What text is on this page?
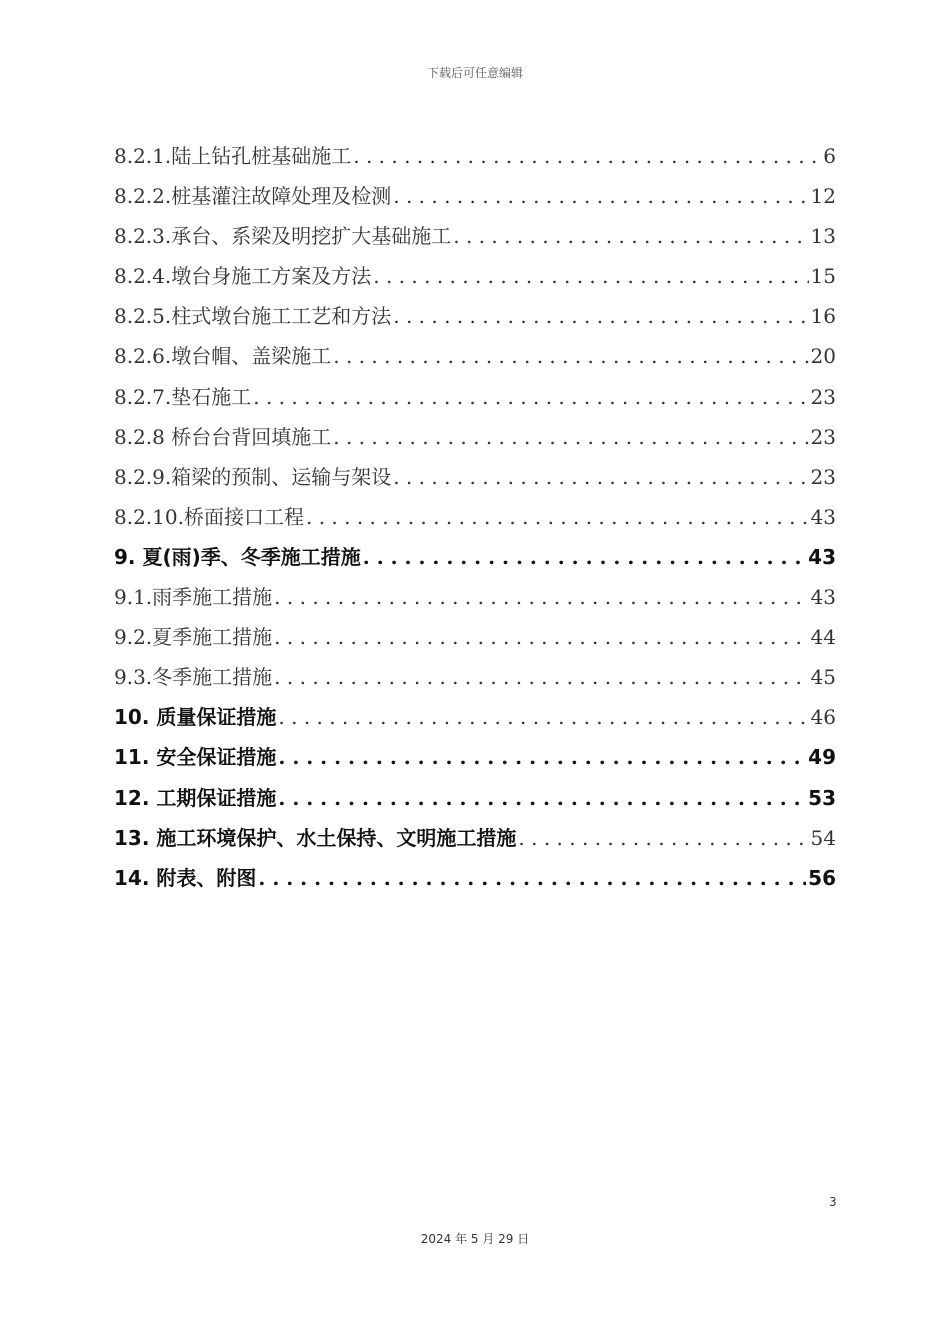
下载后可任意编辑
8.2.1.陆上钻孔桩基础施工 . . .	6
8.2.2.桩基灌注故障处理及检测 . . .	12
8.2.3.承台、系梁及明挖扩大基础施工 . . .	13
8.2.4.墩台身施工方案及方法 . . .	15
8.2.5.柱式墩台施工工艺和方法 . . .	16
8.2.6.墩台帽、盖梁施工 . . .	20
8.2.7.垫石施工 . . .	23
8.2.8 桥台台背回填施工 . . .	23
8.2.9.箱梁的预制、运输与架设 . . .	23
8.2.10.桥面接口工程 . . .	43
9. 夏(雨)季、冬季施工措施 . . .	43
9.1.雨季施工措施 . . .	43
9.2.夏季施工措施 . . .	44
9.3.冬季施工措施 . . .	45
10. 质量保证措施 . . .	46
11. 安全保证措施 . . .	49
12. 工期保证措施 . . .	53
13. 施工环境保护、水土保持、文明施工措施 . . .	54
14. 附表、附图 . . .	56
3
2024 年 5 月 29 日
